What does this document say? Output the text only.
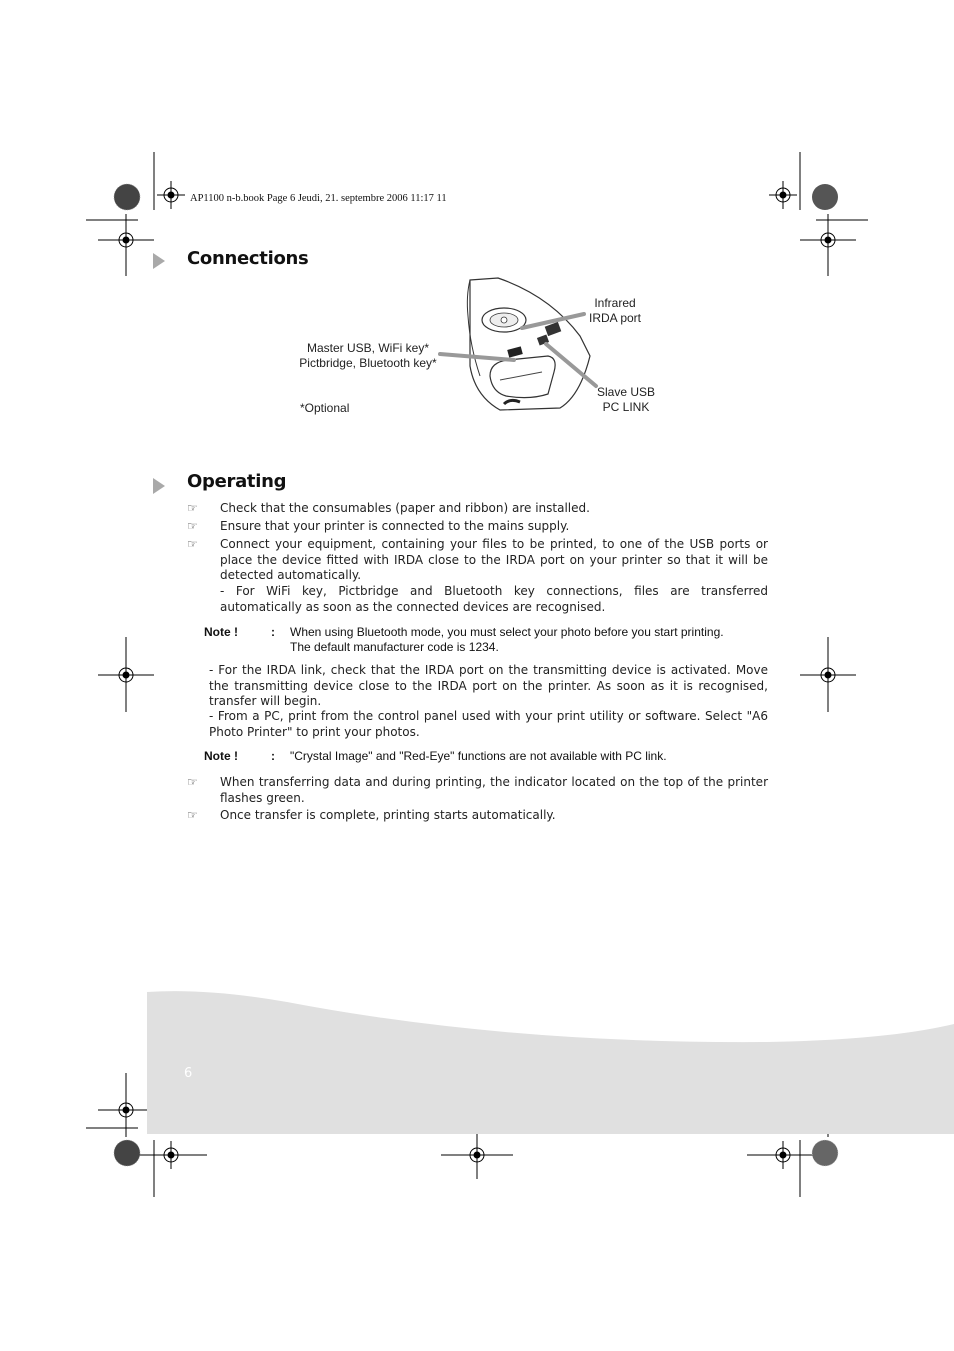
AP1100 n-b.book Page 6 Jeudi, 21. septembre 2006 11:17 11
Connections
Infrared
IRDA port
Master USB, WiFi key*
Pictbridge, Bluetooth key*
Slave USB
PC LINK
*Optional
Operating
☞ Check that the consumables (paper and ribbon) are installed.
☞ Ensure that your printer is connected to the mains supply.
☞ Connect your equipment, containing your files to be printed, to one of the USB ports or place the device fitted with IRDA close to the IRDA port on your printer so that it will be detected automatically.
- For WiFi key, Pictbridge and Bluetooth key connections, files are transferred automatically as soon as the connected devices are recognised.
Note !	: When using Bluetooth mode, you must select your photo before you start printing.
The default manufacturer code is 1234.
- For the IRDA link, check that the IRDA port on the transmitting device is activated. Move the transmitting device close to the IRDA port on the printer. As soon as it is recognised, transfer will begin.
- From a PC, print from the control panel used with your print utility or software. Select "A6 Photo Printer" to print your photos.
Note !	: "Crystal Image" and "Red-Eye" functions are not available with PC link.
☞ When transferring data and during printing, the indicator located on the top of the printer flashes green.
☞ Once transfer is complete, printing starts automatically.
6
